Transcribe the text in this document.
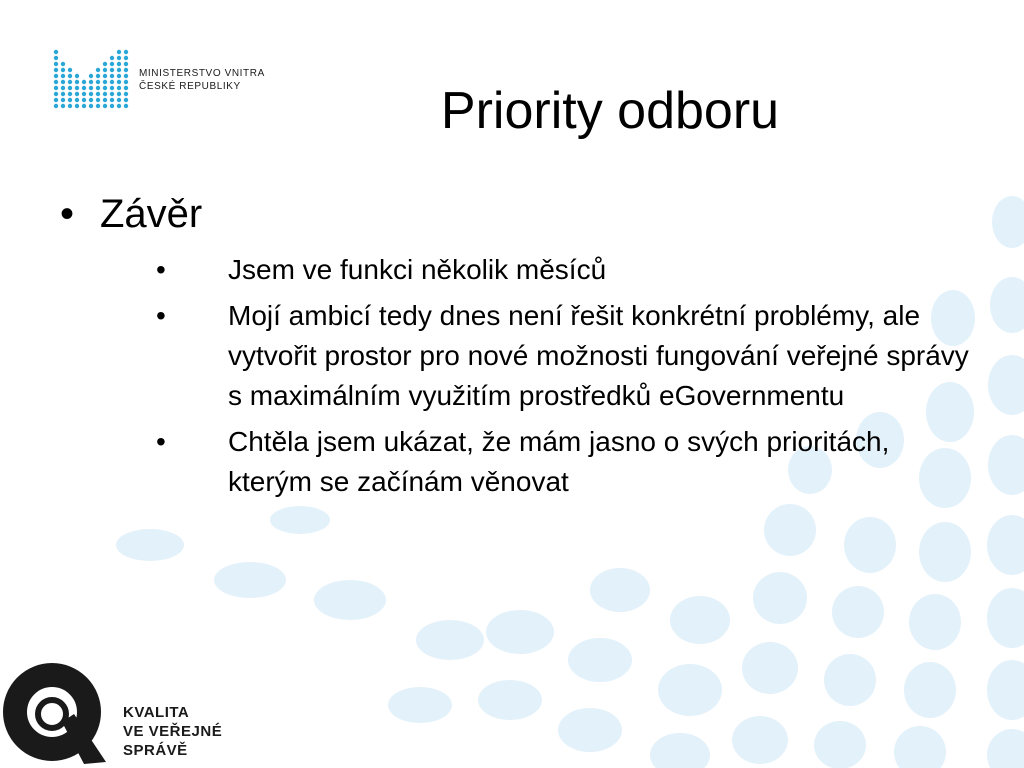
MINISTERSTVO VNITRA
ČESKÉ REPUBLIKY	Priority odboru
• Závěr
• Jsem ve funkci několik měsíců
• Mojí ambicí tedy dnes není řešit konkrétní problémy, ale vytvořit prostor pro nové možnosti fungování veřejné správy s maximálním využitím prostředků eGovernmentu
• Chtěla jsem ukázat, že mám jasno o svých prioritách, kterým se začínám věnovat
KVALITA
VE VEŘEJNÉ
SPRÁVĚ
